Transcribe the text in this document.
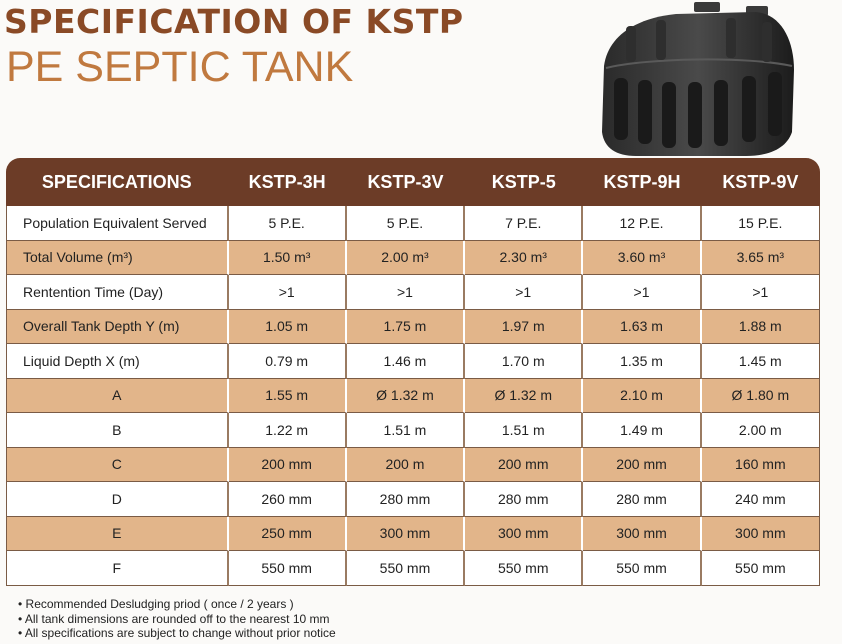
SPECIFICATION OF KSTP
PE SEPTIC TANK
SPECIFICATIONS	KSTP-3H	KSTP-3V	KSTP-5	KSTP-9H	KSTP-9V
Population Equivalent Served	5 P.E.	5 P.E.	7 P.E.	12 P.E.	15 P.E.
Total Volume (m³)	1.50 m³	2.00 m³	2.30 m³	3.60 m³	3.65 m³
Rentention Time (Day)	>1	>1	>1	>1	>1
Overall Tank Depth Y (m)	1.05 m	1.75 m	1.97 m	1.63 m	1.88 m
Liquid Depth X (m)	0.79 m	1.46 m	1.70 m	1.35 m	1.45 m
A	1.55 m	Ø 1.32 m	Ø 1.32 m	2.10 m	Ø 1.80 m
B	1.22 m	1.51 m	1.51 m	1.49 m	2.00 m
C	200 mm	200 m	200 mm	200 mm	160 mm
D	260 mm	280 mm	280 mm	280 mm	240 mm
E	250 mm	300 mm	300 mm	300 mm	300 mm
F	550 mm	550 mm	550 mm	550 mm	550 mm
• Recommended Desludging priod ( once / 2 years )
• All tank dimensions are rounded off to the nearest 10 mm
• All specifications are subject to change without prior notice
